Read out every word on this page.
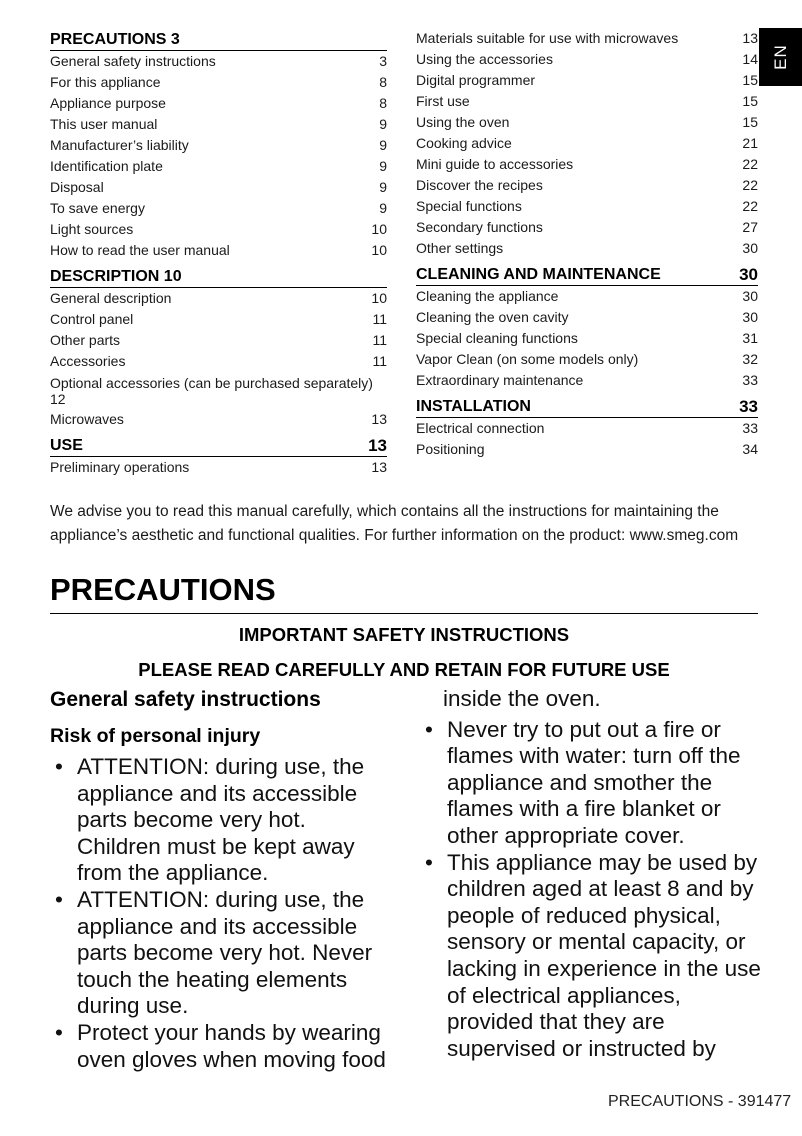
PRECAUTIONS 3
General safety instructions	3
For this appliance	8
Appliance purpose	8
This user manual	9
Manufacturer’s liability	9
Identification plate	9
Disposal	9
To save energy	9
Light sources	10
How to read the user manual	10
DESCRIPTION 10
General description	10
Control panel	11
Other parts	11
Accessories	11
Optional accessories (can be purchased separately)
12
Microwaves	13
USE	13
Preliminary operations	13
Materials suitable for use with microwaves	13
Using the accessories	14
Digital programmer	15
First use	15
Using the oven	15
Cooking advice	21
Mini guide to accessories	22
Discover the recipes	22
Special functions	22
Secondary functions	27
Other settings	30
CLEANING AND MAINTENANCE	30
Cleaning the appliance	30
Cleaning the oven cavity	30
Special cleaning functions	31
Vapor Clean (on some models only)	32
Extraordinary maintenance	33
INSTALLATION	33
Electrical connection	33
Positioning	34
EN
We advise you to read this manual carefully, which contains all the instructions for maintaining the appliance’s aesthetic and functional qualities. For further information on the product: www.smeg.com
PRECAUTIONS
IMPORTANT SAFETY INSTRUCTIONS
PLEASE READ CAREFULLY AND RETAIN FOR FUTURE USE
General safety instructions
Risk of personal injury
• ATTENTION: during use, the appliance and its accessible parts become very hot. Children must be kept away from the appliance.
• ATTENTION: during use, the appliance and its accessible parts become very hot. Never touch the heating elements during use.
• Protect your hands by wearing oven gloves when moving food
inside the oven.
• Never try to put out a fire or flames with water: turn off the appliance and smother the flames with a fire blanket or other appropriate cover.
• This appliance may be used by children aged at least 8 and by people of reduced physical, sensory or mental capacity, or lacking in experience in the use of electrical appliances, provided that they are supervised or instructed by
PRECAUTIONS - 391477
